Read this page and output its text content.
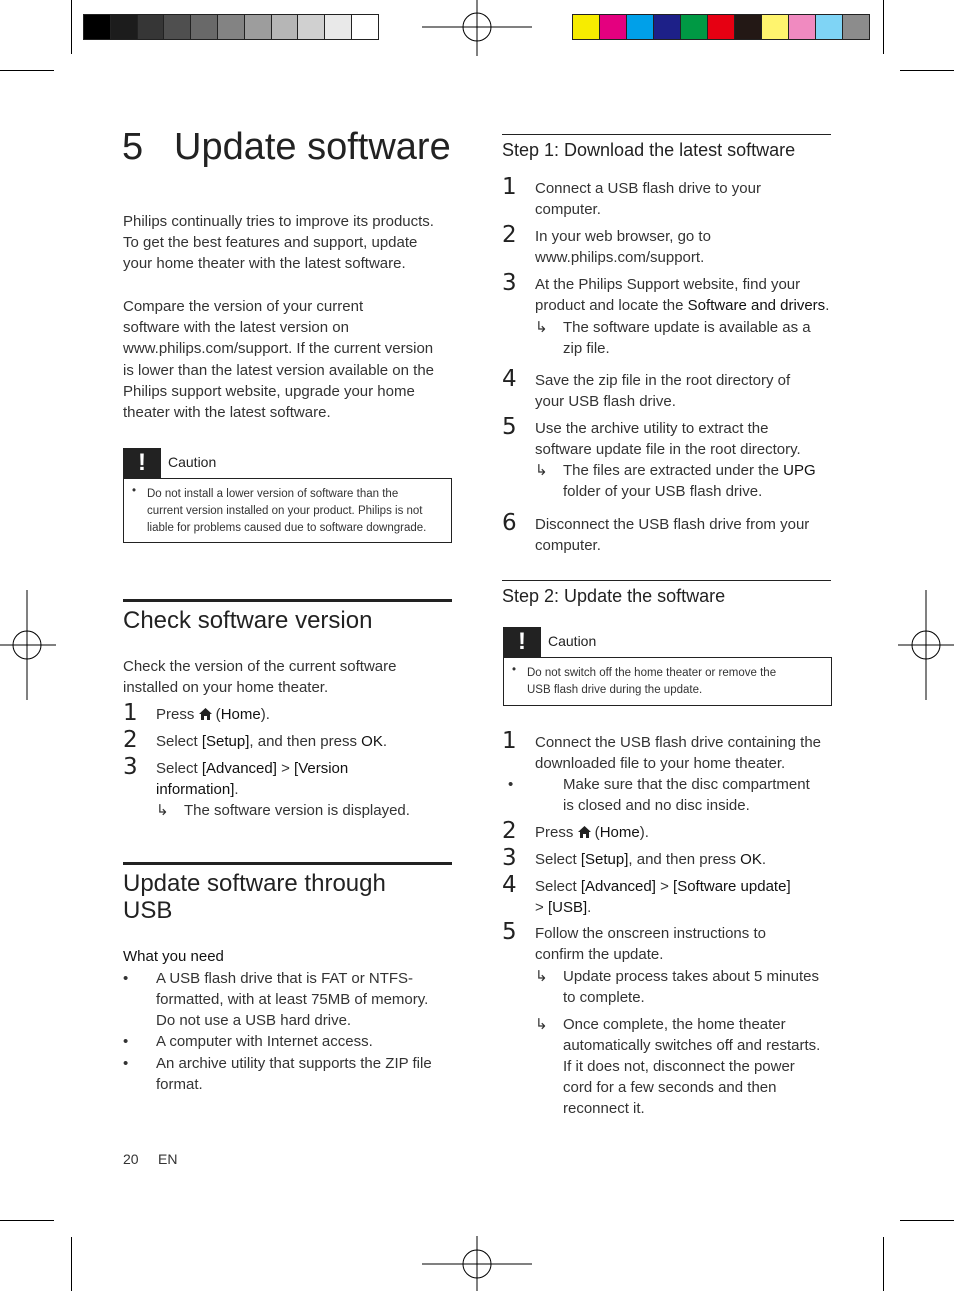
5 Update software
Philips continually tries to improve its products.
To get the best features and support, update
your home theater with the latest software.
Compare the version of your current
software with the latest version on
www.philips.com/support. If the current version
is lower than the latest version available on the
Philips support website, upgrade your home
theater with the latest software.
!	Caution
• Do not install a lower version of software than the
current version installed on your product. Philips is not
liable for problems caused due to software downgrade.
Check software version
Check the version of the current software
installed on your home theater.
1 Press  (Home).
2 Select [Setup], and then press OK.
3 Select [Advanced] > [Version
information].
↳ The software version is displayed.
Update software through
USB
What you need
• A USB flash drive that is FAT or NTFS-
formatted, with at least 75MB of memory.
Do not use a USB hard drive.
• A computer with Internet access.
• An archive utility that supports the ZIP file
format.
20 EN
Step 1: Download the latest software
1 Connect a USB flash drive to your
computer.
2 In your web browser, go to
www.philips.com/support.
3 At the Philips Support website, find your
product and locate the Software and drivers.
↳ The software update is available as a
zip file.
4 Save the zip file in the root directory of
your USB flash drive.
5 Use the archive utility to extract the
software update file in the root directory.
↳ The files are extracted under the UPG
folder of your USB flash drive.
6 Disconnect the USB flash drive from your
computer.
Step 2: Update the software
!	Caution
• Do not switch off the home theater or remove the
USB flash drive during the update.
1 Connect the USB flash drive containing the
downloaded file to your home theater.
•	Make sure that the disc compartment
is closed and no disc inside.
2 Press  (Home).
3 Select [Setup], and then press OK.
4 Select [Advanced] > [Software update]
> [USB].
5 Follow the onscreen instructions to
confirm the update.
↳ Update process takes about 5 minutes
to complete.
↳ Once complete, the home theater
automatically switches off and restarts.
If it does not, disconnect the power
cord for a few seconds and then
reconnect it.
